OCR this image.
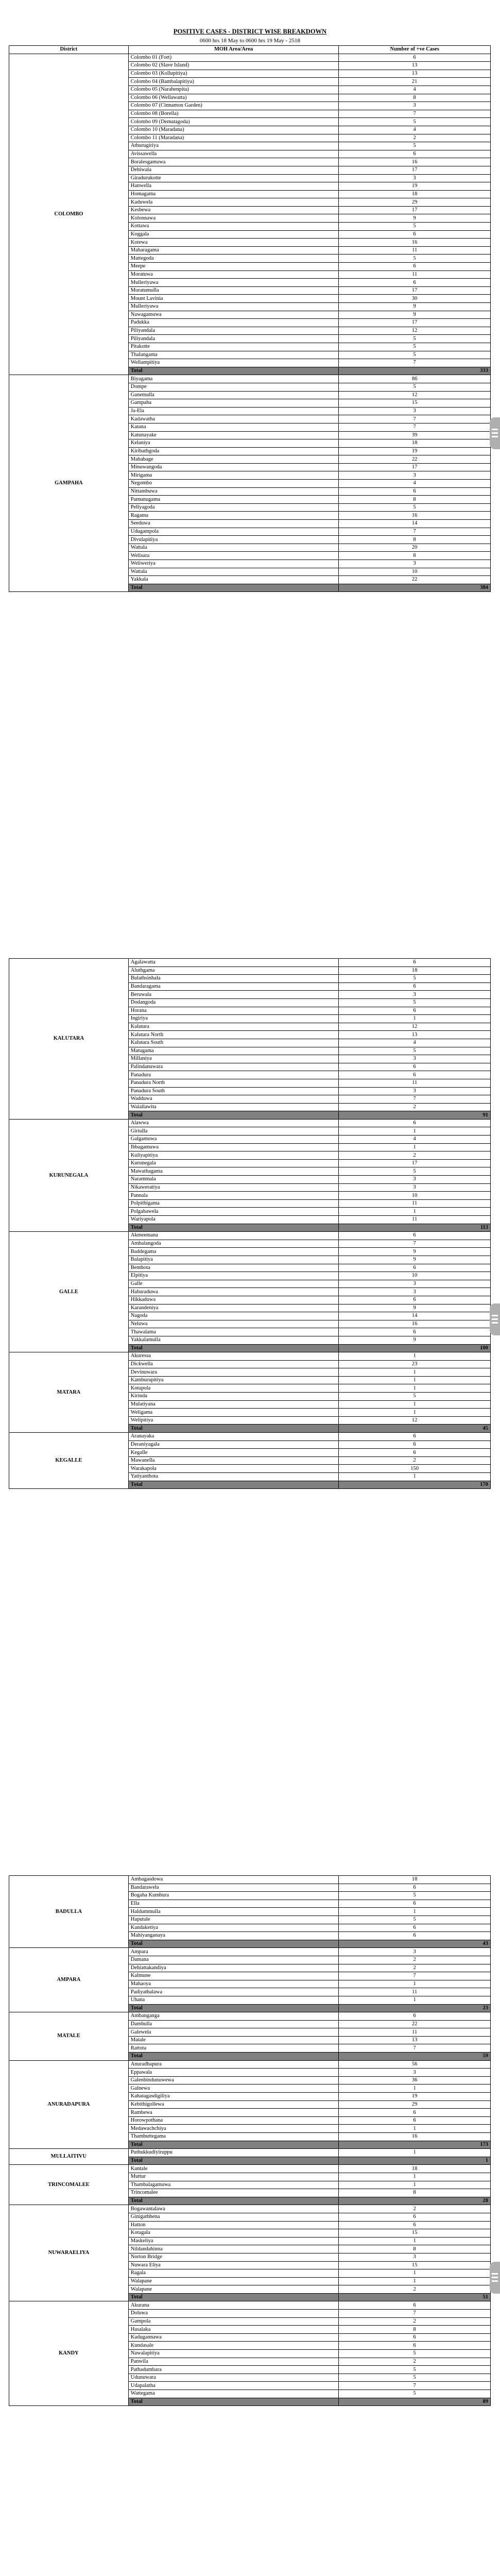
POSITIVE CASES - DISTRICT WISE BREAKDOWN
0600 hrs 18 May to 0600 hrs 19 May - 2518
District	MOH Area/Area	Number of +ve Cases
COLOMBO	Colombo 01 (Fort)	6
	Colombo 02 (Slave Island)	13
	Colombo 03 (Kollupitiya)	13
	Colombo 04 (Bambalapitiya)	21
	Colombo 05 (Narahenpita)	4
	Colombo 06 (Wellawatta)	8
	Colombo 07 (Cinnamon Garden)	3
	Colombo 08 (Borella)	7
	Colombo 09 (Dematagoda)	5
	Colombo 10 (Maradana)	4
	Colombo 11 (Maradana)	2
	Athurugiriya	5
	Avissawella	6
	Boralesgamuwa	16
	Dehiwala	17
	Giradurukotte	3
	Hanwella	19
	Homagama	18
	Kaduwela	29
	Kesbewa	17
	Kolonnawa	9
	Kottawa	5
	Koggala	6
	Kotewa	16
	Maharagama	11
	Mattegoda	5
	Meepe	6
	Moratuwa	11
	Mulleriyawa	6
	Moratumulla	17
	Mount Lavinia	30
	Mulleriyawa	9
	Nawagamuwa	9
	Padukka	17
	Piliyandala	12
	Piliyandala	5
	Pitakotte	5
	Thalangama	5
	Wellampitiya	7
	Total	333
GAMPAHA	Biyagama	86
	Dompe	5
	Ganemulla	12
	Gampaha	15
	Ja-Ela	3
	Kadawatha	7
	Katana	7
	Katunayake	39
	Kelaniya	18
	Kiribathgoda	19
	Mahabage	22
	Minuwangoda	17
	Mirigama	3
	Negombo	4
	Nittambuwa	6
	Pamunugama	8
	Peliyagoda	5
	Ragama	16
	Seeduwa	14
	Udugampola	7
	Divulapitiya	8
	Wattala	20
	Welisara	8
	Weliweriya	3
	Wattala	10
	Yakkala	22
	Total	384
KALUTARA	Agalawatta	6
	Aluthgama	18
	Bulathsinhala	5
	Bandaragama	6
	Beruwala	3
	Dodangoda	5
	Horana	6
	Ingiriya	1
	Kalutara	12
	Kalutara North	13
	Kalutara South	4
	Matugama	5
	Millaniya	3
	Palindanuwara	6
	Panadura	6
	Panadura North	11
	Panadura South	3
	Wadduwa	7
	Walallawita	2
	Total	91
KURUNEGALA	Alawwa	6
	Giriulla	1
	Galgamuwa	4
	Ibbagamuwa	1
	Kuliyapitiya	2
	Kurunegala	17
	Mawathagama	5
	Narammala	3
	Nikaweratiya	3
	Pannala	10
	Polpithigama	11
	Polgahawela	1
	Wariyapola	11
	Total	113
GALLE	Akmeemana	6
	Ambalangoda	7
	Baddegama	9
	Balapitiya	9
	Benthota	6
	Elpitiya	10
	Galle	3
	Habaraduwa	3
	Hikkaduwa	6
	Karandeniya	9
	Nagoda	14
	Neluwa	16
	Thawalama	6
	Yakkalamulla	9
	Total	100
MATARA	Akuressa	1
	Dickwella	23
	Devinuwara	1
	Kamburupitiya	1
	Kotapola	1
	Kirinda	5
	Mulatiyana	1
	Weligama	1
	Welipitiya	12
	Total	45
KEGALLE	Aranayaka	6
	Deraniyagala	6
	Kegalle	6
	Mawanella	2
	Warakapola	150
	Yatiyanthota	1
	Total	170
BADULLA	Ambagasdowa	18
	Bandarawela	6
	Bogaha Kumbura	5
	Ella	6
	Haldummulla	1
	Haputale	5
	Kandaketiya	6
	Mahiyanganaya	6
	Total	43
AMPARA	Ampara	3
	Damana	2
	Dehiattakandiya	2
	Kalmune	7
	Mahaoya	1
	Padiyathalawa	11
	Uhana	1
	Total	23
MATALE	Ambanganga	6
	Dambulla	22
	Galewela	11
	Matale	13
	Rattota	7
	Total	59
ANURADAPURA	Anuradhapura	56
	Eppawala	3
	Galenbindunuwewa	36
	Galnewa	1
	Kahatagasdigiliya	19
	Kebithigollewa	29
	Rambewa	6
	Horowpothana	6
	Medawachchiya	1
	Thambuttegama	16
	Total	173
MULLAITIVU	Puthukkudiyiruppu	1
	Total	1
TRINCOMALEE	Kantale	18
	Muttur	1
	Thambalagamuwa	1
	Trincomalee	8
	Total	28
NUWARAELIYA	Bogawantalawa	2
	Ginigathhena	6
	Hatton	6
	Kotagala	15
	Maskeliya	1
	Nildandahinna	8
	Norton Bridge	3
	Nuwara Eliya	15
	Ragala	1
	Walapane	1
	Walapane	2
	Total	51
KANDY	Akurana	6
	Doluwa	7
	Gampola	2
	Hasalaka	8
	Kadugannawa	6
	Kundasale	6
	Nawalapitiya	5
	Panwila	2
	Pathadumbara	5
	Udunuwara	5
	Udapalatha	7
	Wattegama	5
	Total	89
